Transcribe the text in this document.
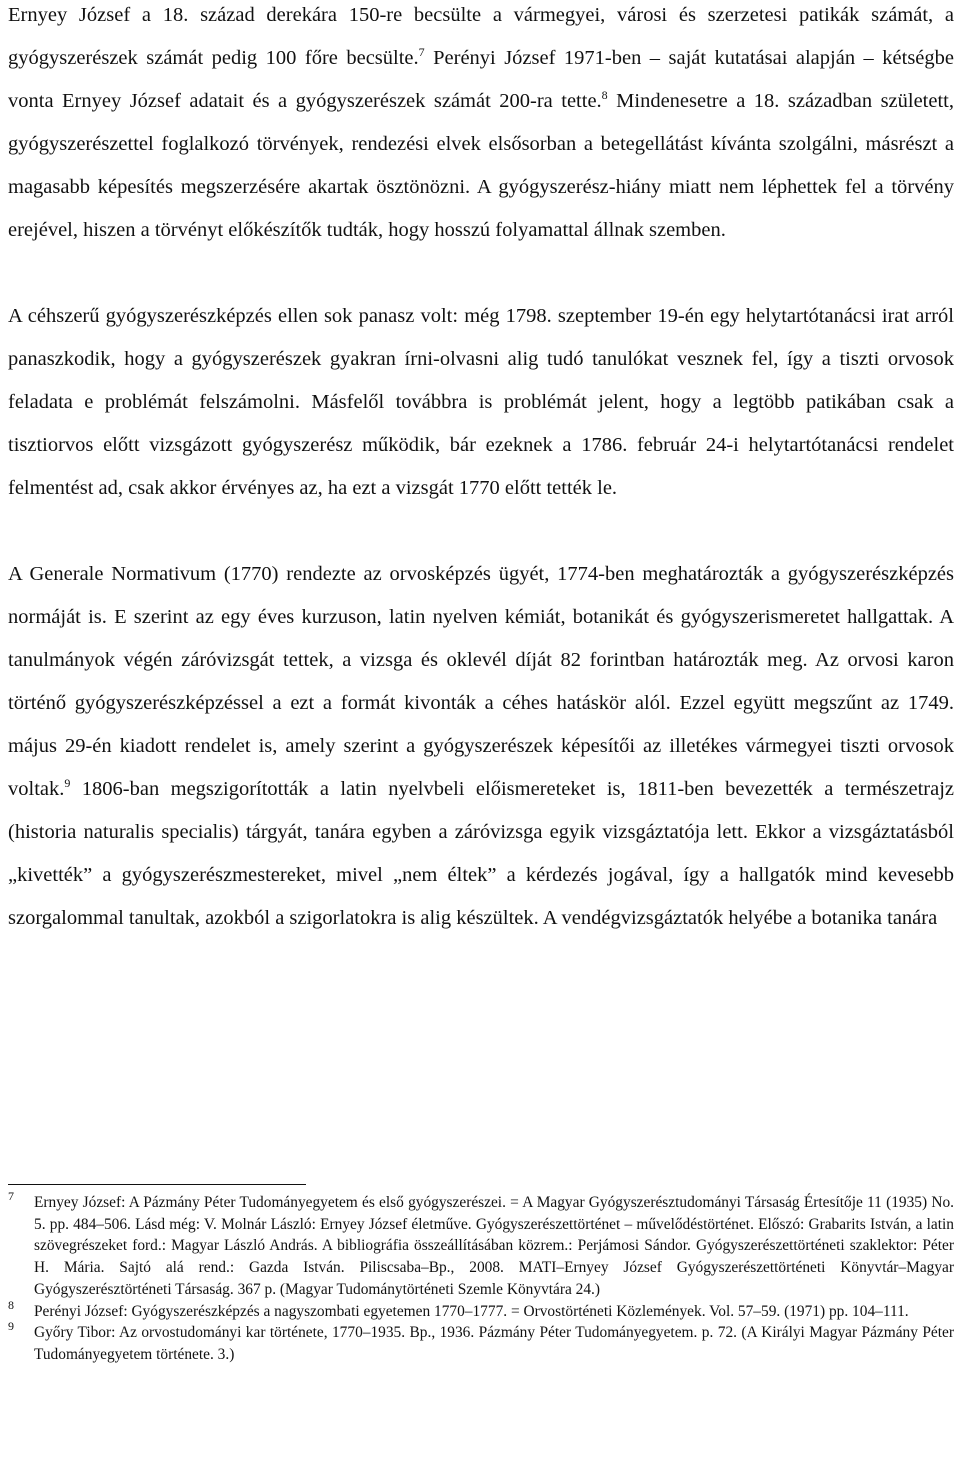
Ernyey József a 18. század derekára 150-re becsülte a vármegyei, városi és szerzetesi patikák számát, a gyógyszerészek számát pedig 100 főre becsülte.$^7$ Perényi József 1971-ben – saját kutatásai alapján – kétségbe vonta Ernyey József adatait és a gyógyszerészek számát 200-ra tette.$^8$ Mindenesetre a 18. században született, gyógyszerészettel foglalkozó törvények, rendezési elvek elsősorban a betegellátást kívánta szolgálni, másrészt a magasabb képesítés megszerzésére akartak ösztönözni. A gyógyszerész-hiány miatt nem léphettek fel a törvény erejével, hiszen a törvényt előkészítők tudták, hogy hosszú folyamattal állnak szemben.

A céhszerű gyógyszerészképzés ellen sok panasz volt: még 1798. szeptember 19-én egy helytartótanácsi irat arról panaszkodik, hogy a gyógyszerészek gyakran írni-olvasni alig tudó tanulókat vesznek fel, így a tiszti orvosok feladata e problémát felszámolni. Másfelől továbbra is problémát jelent, hogy a legtöbb patikában csak a tisztiorvos előtt vizsgázott gyógyszerész működik, bár ezeknek a 1786. február 24-i helytartótanácsi rendelet felmentést ad, csak akkor érvényes az, ha ezt a vizsgát 1770 előtt tették le.

A Generale Normativum (1770) rendezte az orvosképzés ügyét, 1774-ben meghatározták a gyógyszerészképzés normáját is. E szerint az egy éves kurzuson, latin nyelven kémiát, botanikát és gyógyszerismeretet hallgattak. A tanulmányok végén záróvizsgát tettek, a vizsga és oklevél díját 82 forintban határozták meg. Az orvosi karon történő gyógyszerészképzéssel a ezt a formát kivonták a céhes hatáskör alól. Ezzel együtt megszűnt az 1749. május 29-én kiadott rendelet is, amely szerint a gyógyszerészek képesítői az illetékes vármegyei tiszti orvosok voltak.$^9$ 1806-ban megszigorították a latin nyelvbeli előismereteket is, 1811-ben bevezették a természetrajz (historia naturalis specialis) tárgyát, tanára egyben a záróvizsga egyik vizsgáztatója lett. Ekkor a vizsgáztatásból „kivették” a gyógyszerészmestereket, mivel „nem éltek” a kérdezés jogával, így a hallgatók mind kevesebb szorgalommal tanultak, azokból a szigorlatokra is alig készültek. A vendégvizsgáztatók helyébe a botanika tanára

7 Ernyey József: A Pázmány Péter Tudományegyetem és első gyógyszerészei. = A Magyar Gyógyszerésztudományi Társaság Értesítője 11 (1935) No. 5. pp. 484–506. Lásd még: V. Molnár László: Ernyey József életműve. Gyógyszerészettörténet – művelődéstörténet. Előszó: Grabarits István, a latin szövegrészeket ford.: Magyar László András. A bibliográfia összeállításában közrem.: Perjámosi Sándor. Gyógyszerészettörténeti szaklektor: Péter H. Mária. Sajtó alá rend.: Gazda István. Piliscsaba–Bp., 2008. MATI–Ernyey József Gyógyszerészettörténeti Könyvtár–Magyar Gyógyszerésztörténeti Társaság. 367 p. (Magyar Tudománytörténeti Szemle Könyvtára 24.)

8 Perényi József: Gyógyszerészképzés a nagyszombati egyetemen 1770–1777. = Orvostörténeti Közlemények. Vol. 57–59. (1971) pp. 104–111.

9 Győry Tibor: Az orvostudományi kar története, 1770–1935. Bp., 1936. Pázmány Péter Tudományegyetem. p. 72. (A Királyi Magyar Pázmány Péter Tudományegyetem története. 3.)
